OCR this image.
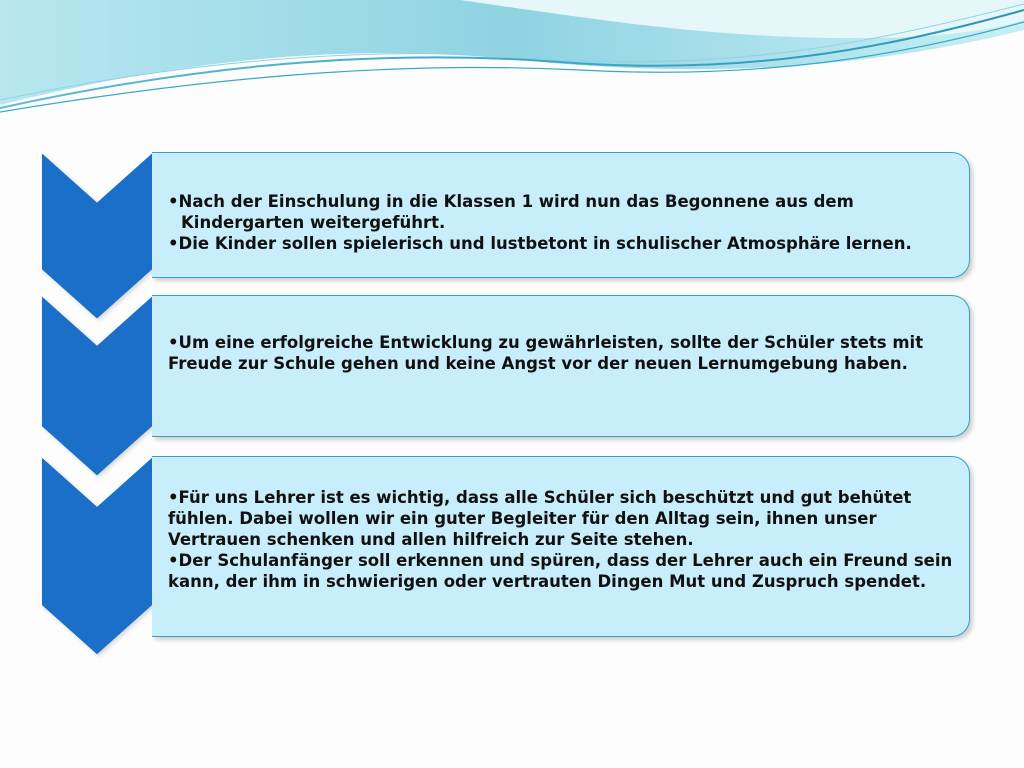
• Nach der Einschulung in die Klassen 1 wird nun das Begonnene aus dem Kindergarten weitergeführt.

• Die Kinder sollen spielerisch und lustbetont in schulischer Atmosphäre lernen.

• Um eine erfolgreiche Entwicklung zu gewährleisten, sollte der Schüler stets mit Freude zur Schule gehen und keine Angst vor der neuen Lernumgebung haben.

• Für uns Lehrer ist es wichtig, dass alle Schüler sich beschützt und gut behütet fühlen. Dabei wollen wir ein guter Begleiter für den Alltag sein, ihnen unser Vertrauen schenken und allen hilfreich zur Seite stehen.

• Der Schulanfänger soll erkennen und spüren, dass der Lehrer auch ein Freund sein kann, der ihm in schwierigen oder vertrauten Dingen Mut und Zuspruch spendet.
